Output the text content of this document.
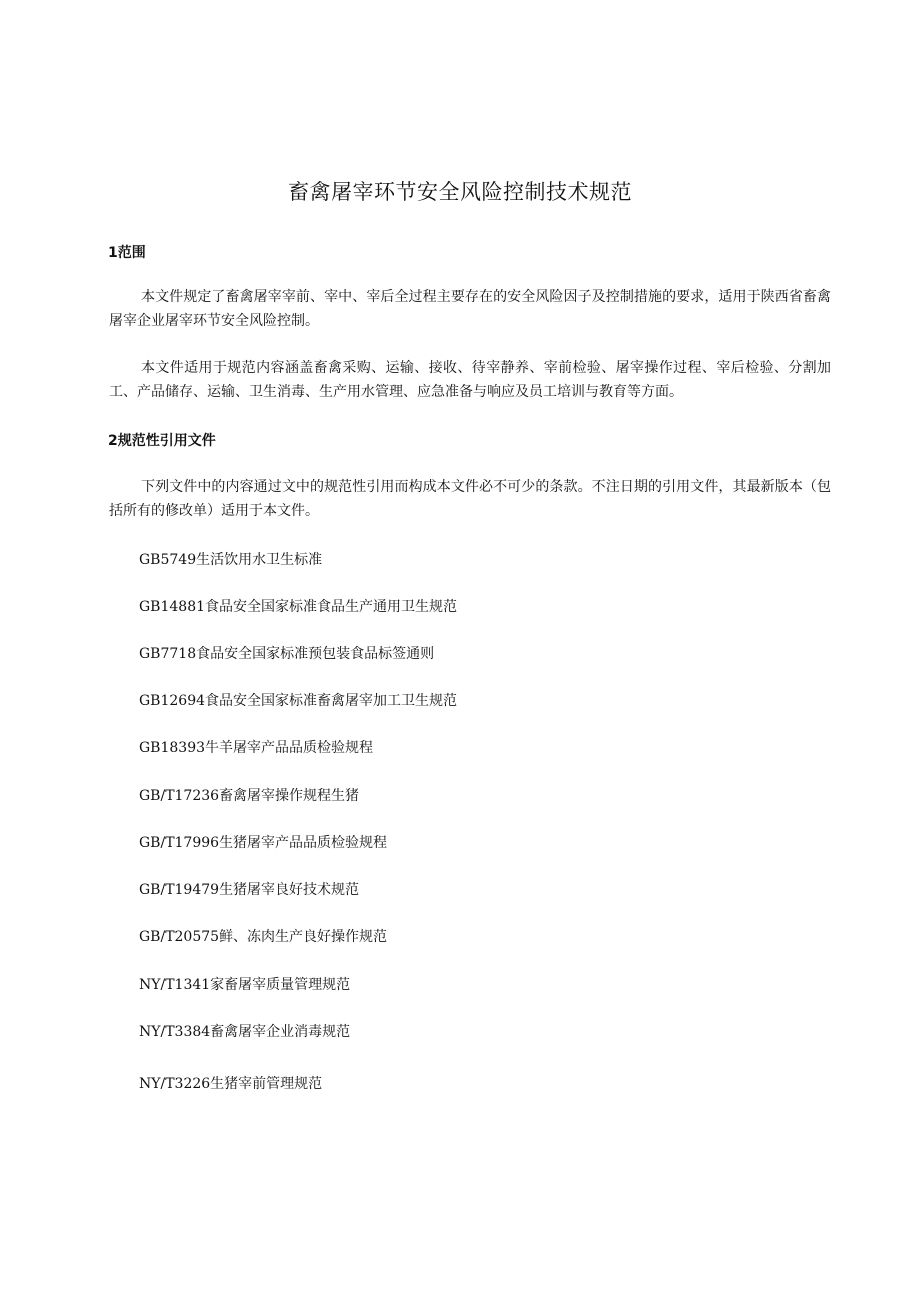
畜禽屠宰环节安全风险控制技术规范
1范围
本文件规定了畜禽屠宰宰前、宰中、宰后全过程主要存在的安全风险因子及控制措施的要求，适用于陕西省畜禽屠宰企业屠宰环节安全风险控制。
本文件适用于规范内容涵盖畜禽采购、运输、接收、待宰静养、宰前检验、屠宰操作过程、宰后检验、分割加工、产品储存、运输、卫生消毒、生产用水管理、应急准备与响应及员工培训与教育等方面。
2规范性引用文件
下列文件中的内容通过文中的规范性引用而构成本文件必不可少的条款。不注日期的引用文件，其最新版本（包括所有的修改单）适用于本文件。
GB5749生活饮用水卫生标准
GB14881食品安全国家标准食品生产通用卫生规范
GB7718食品安全国家标准预包装食品标签通则
GB12694食品安全国家标准畜禽屠宰加工卫生规范
GB18393牛羊屠宰产品品质检验规程
GB/T17236畜禽屠宰操作规程生猪
GB/T17996生猪屠宰产品品质检验规程
GB/T19479生猪屠宰良好技术规范
GB/T20575鲜、冻肉生产良好操作规范
NY/T1341家畜屠宰质量管理规范
NY/T3384畜禽屠宰企业消毒规范
NY/T3226生猪宰前管理规范
